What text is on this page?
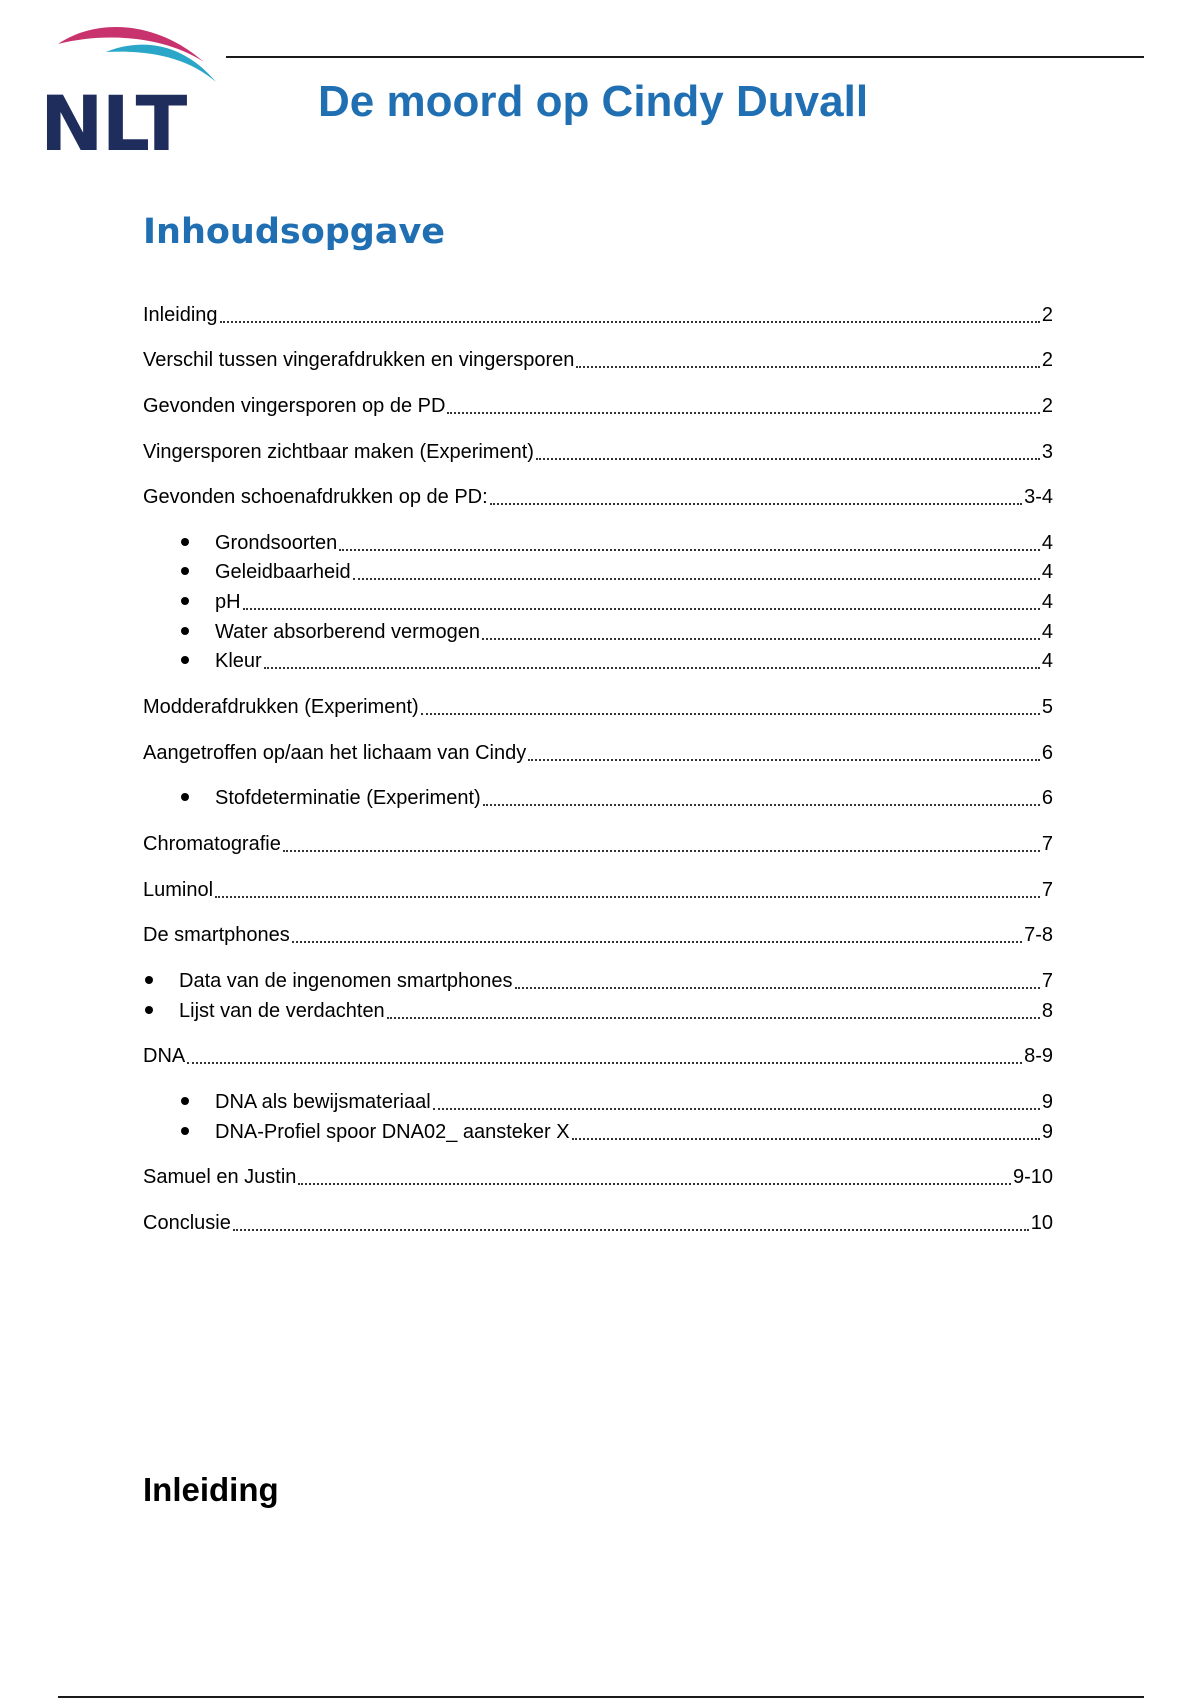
NLT	De moord op Cindy Duvall
Inhoudsopgave
Inleiding	2
Verschil tussen vingerafdrukken en vingersporen	2
Gevonden vingersporen op de PD	2
Vingersporen zichtbaar maken (Experiment)	3
Gevonden schoenafdrukken op de PD:	3-4
Grondsoorten	4
Geleidbaarheid	4
pH	4
Water absorberend vermogen	4
Kleur	4
Modderafdrukken (Experiment)	5
Aangetroffen op/aan het lichaam van Cindy	6
Stofdeterminatie (Experiment)	6
Chromatografie	7
Luminol	7
De smartphones	7-8
Data van de ingenomen smartphones	7
Lijst van de verdachten	8
DNA	8-9
DNA als bewijsmateriaal	9
DNA-Profiel spoor DNA02_ aansteker X	9
Samuel en Justin	9-10
Conclusie	10
Inleiding
